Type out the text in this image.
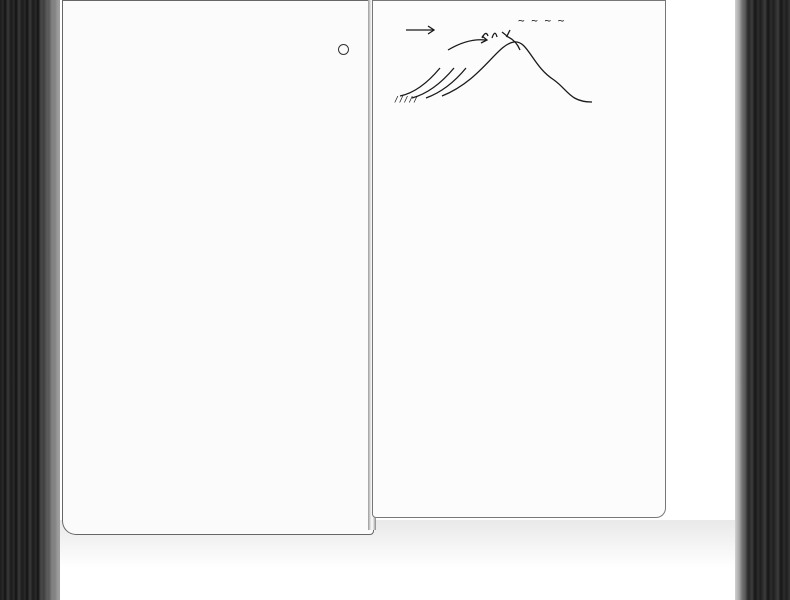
~ ~ ~ ~
/////
